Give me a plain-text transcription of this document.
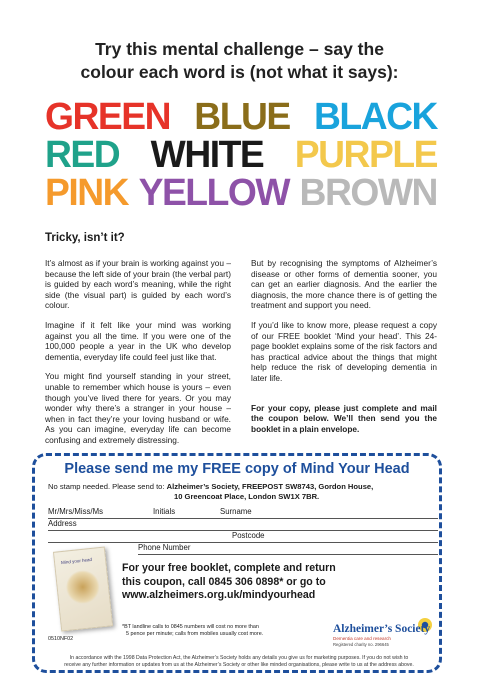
Try this mental challenge – say the
colour each word is (not what it says):
GREEN BLUE BLACK
RED WHITE PURPLE
PINK YELLOW BROWN
Tricky, isn’t it?

It’s almost as if your brain is working against you – because the left side of your brain (the verbal part) is guided by each word’s meaning, while the right side (the visual part) is guided by each word’s colour.

Imagine if it felt like your mind was working against you all the time. If you were one of the 100,000 people a year in the UK who develop dementia, everyday life could feel just like that.

You might find yourself standing in your street, unable to remember which house is yours – even though you’ve lived there for years. Or you may wonder why there’s a stranger in your house – when in fact they’re your loving husband or wife. As you can imagine, everyday life can become confusing and extremely distressing.

But by recognising the symptoms of Alzheimer’s disease or other forms of dementia sooner, you can get an earlier diagnosis. And the earlier the diagnosis, the more chance there is of getting the treatment and support you need.

If you’d like to know more, please request a copy of our FREE booklet ‘Mind your head’. This 24-page booklet explains some of the risk factors and has practical advice about the things that might help reduce the risk of developing dementia in later life.

For your copy, please just complete and mail the coupon below. We’ll then send you the booklet in a plain envelope.

Please send me my FREE copy of Mind Your Head
No stamp needed. Please send to: Alzheimer’s Society, FREEPOST SW8743, Gordon House,
10 Greencoat Place, London SW1X 7BR.
Mr/Mrs/Miss/Ms	Initials	Surname
Address
Postcode
Phone Number
Mind your head
For your free booklet, complete and return
this coupon, call 0845 306 0898* or go to
www.alzheimers.org.uk/mindyourhead
*BT landline calls to 0845 numbers will cost no more than
5 pence per minute; calls from mobiles usually cost more.
0510NF02
Alzheimer’s Society
Dementia care and research
Registered charity no. 296645
In accordance with the 1998 Data Protection Act, the Alzheimer’s Society holds any details you give us for marketing purposes. If you do not wish to
receive any further information or updates from us at the Alzheimer’s Society or other like minded organisations, please write to us at the address above.
